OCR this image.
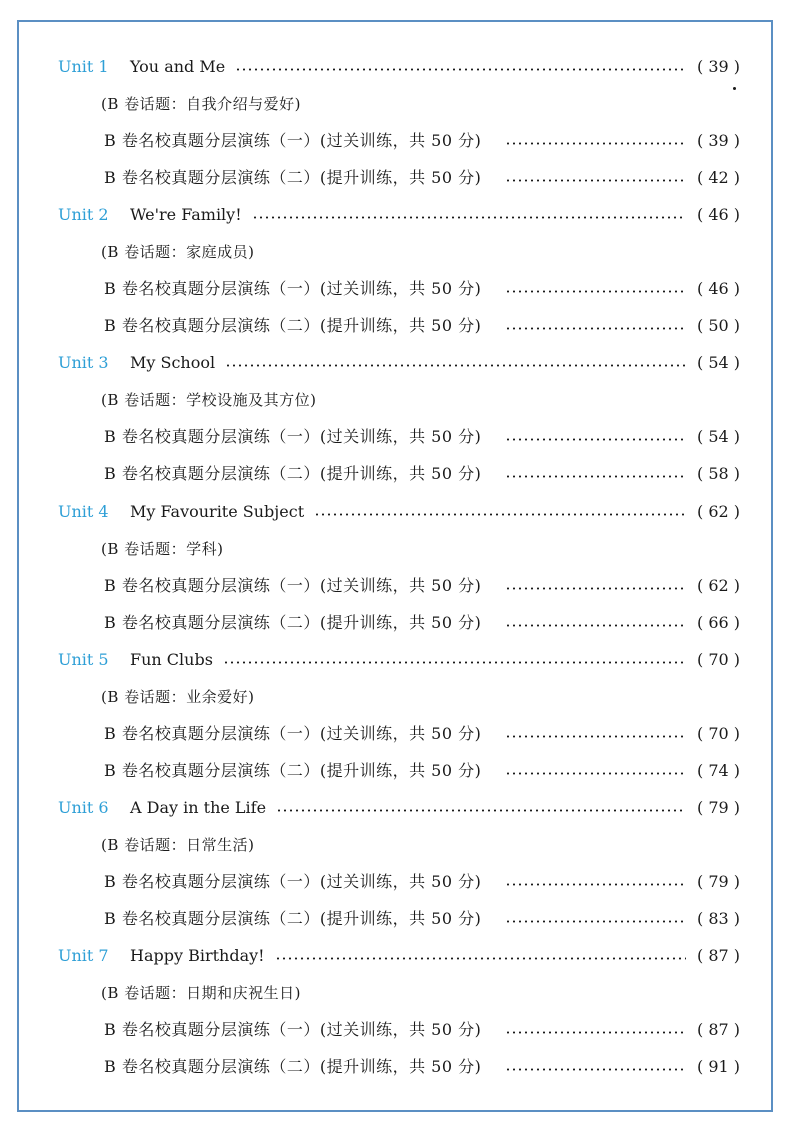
Unit 1	You and Me	( 39 )
(B 卷话题：自我介绍与爱好)
B 卷名校真题分层演练（一）(过关训练，共 50 分)	( 39 )
B 卷名校真题分层演练（二）(提升训练，共 50 分)	( 42 )
Unit 2	We're Family!	( 46 )
(B 卷话题：家庭成员)
B 卷名校真题分层演练（一）(过关训练，共 50 分)	( 46 )
B 卷名校真题分层演练（二）(提升训练，共 50 分)	( 50 )
Unit 3	My School	( 54 )
(B 卷话题：学校设施及其方位)
B 卷名校真题分层演练（一）(过关训练，共 50 分)	( 54 )
B 卷名校真题分层演练（二）(提升训练，共 50 分)	( 58 )
Unit 4	My Favourite Subject	( 62 )
(B 卷话题：学科)
B 卷名校真题分层演练（一）(过关训练，共 50 分)	( 62 )
B 卷名校真题分层演练（二）(提升训练，共 50 分)	( 66 )
Unit 5	Fun Clubs	( 70 )
(B 卷话题：业余爱好)
B 卷名校真题分层演练（一）(过关训练，共 50 分)	( 70 )
B 卷名校真题分层演练（二）(提升训练，共 50 分)	( 74 )
Unit 6	A Day in the Life	( 79 )
(B 卷话题：日常生活)
B 卷名校真题分层演练（一）(过关训练，共 50 分)	( 79 )
B 卷名校真题分层演练（二）(提升训练，共 50 分)	( 83 )
Unit 7	Happy Birthday!	( 87 )
(B 卷话题：日期和庆祝生日)
B 卷名校真题分层演练（一）(过关训练，共 50 分)	( 87 )
B 卷名校真题分层演练（二）(提升训练，共 50 分)	( 91 )
